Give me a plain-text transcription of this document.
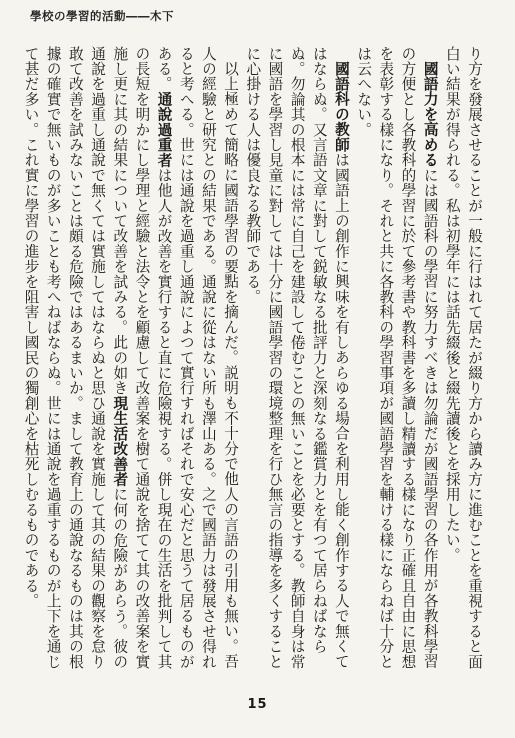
學校の學習的活動――木下

り方を發展させることが一般に行はれて居たが綴り方から讀み方に進むことを重視すると面白い結果が得られる。私は初學年には話先綴後と綴先讀後とを採用したい。

國語力を高めるには國語科の學習に努力すべきは勿論だが國語學習の各作用が各教科學習の方便とし各教科的學習に於て參考書や教科書を多讀し精讀する樣になり正確且自由に思想を表彰する樣になり。それと共に各教科の學習事項が國語學習を輔ける樣にならねば十分とは云へない。

國語科の教師は國語上の創作に興味を有しあらゆる場合を利用し能く創作する人で無くてはならぬ。又言語文章に對して鋭敏なる批評力と深刻なる鑑賞力とを有つて居らねばならぬ。勿論其の根本には常に自己を建設して倦むことの無いことを必要とする。教師自身は常に國語を學習し見童に對しては十分に國語學習の環境整理を行ひ無言の指導を多くすることに心掛ける人は優良なる教師である。

以上極めて簡略に國語學習の要點を摘んだ。説明も不十分で他人の言語の引用も無い。吾人の經驗と研究との結果である。通說に從はない所も澤山ある。之で國語力は發展させ得れると考へる。世には通說を過重し通說によつて實行すればそれで安心だと思うて居るものがある。通說過重者は他人が改善を實行すると直に危險視する。併し現在の生活を批判して其の長短を明かにし學理と經驗と法令とを顧慮して改善案を樹て通說を捨てて其の改善案を實施し更に其の結果について改善を試みる。此の如き現生活改善者に何の危險があらう。彼の通說を過重し通說で無くては實施してはならぬと思ひ通說を實施して其の結果の觀察を怠り敢て改善を試みないことは頗る危險ではあるまいか。まして教育上の通說なるものは其の根據の確實で無いものが多いことも考へねばならぬ。世には通說を過重するものが上下を通じて甚だ多い。これ實に學習の進步を阻害し國民の獨創心を枯死しむるものである。

15
